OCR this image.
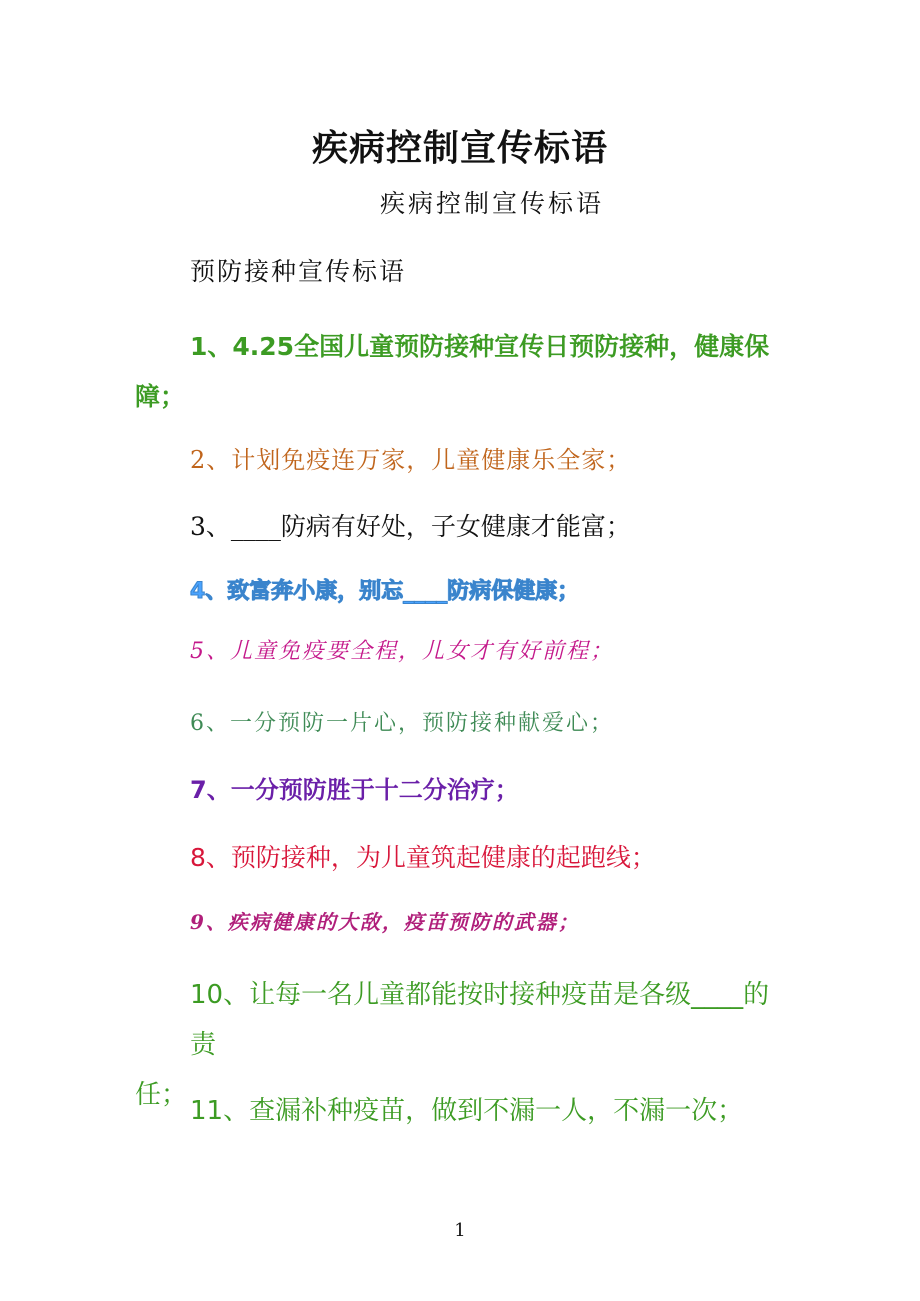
疾病控制宣传标语
疾病控制宣传标语
预防接种宣传标语
1、4.25全国儿童预防接种宣传日预防接种，健康保
障；
2、计划免疫连万家，儿童健康乐全家；
3、____防病有好处，子女健康才能富；
4、致富奔小康，别忘____防病保健康；
5、儿童免疫要全程，儿女才有好前程；
6、一分预防一片心，预防接种献爱心；
7、一分预防胜于十二分治疗；
8、预防接种，为儿童筑起健康的起跑线；
9、疾病健康的大敌，疫苗预防的武器；
10、让每一名儿童都能按时接种疫苗是各级____的责
任；
11、查漏补种疫苗，做到不漏一人，不漏一次；
1
